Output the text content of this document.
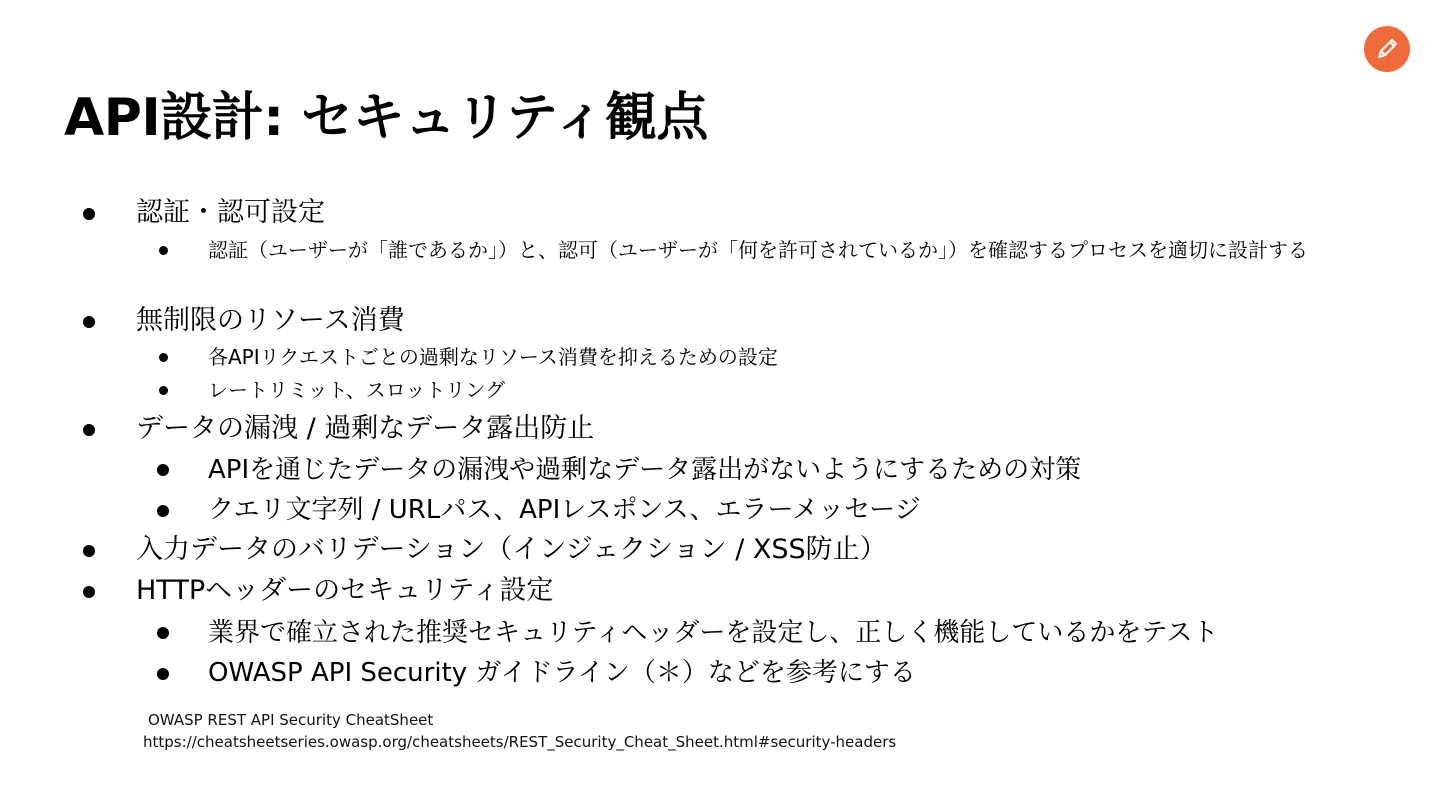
API設計: セキュリティ観点
認証・認可設定
認証（ユーザーが「誰であるか」）と、認可（ユーザーが「何を許可されているか」）を確認するプロセスを適切に設計する
無制限のリソース消費
各APIリクエストごとの過剰なリソース消費を抑えるための設定
レートリミット、スロットリング
データの漏洩 / 過剰なデータ露出防止
APIを通じたデータの漏洩や過剰なデータ露出がないようにするための対策
クエリ文字列 / URLパス、APIレスポンス、エラーメッセージ
入力データのバリデーション（インジェクション / XSS防止）
HTTPヘッダーのセキュリティ設定
業界で確立された推奨セキュリティヘッダーを設定し、正しく機能しているかをテスト
OWASP API Security ガイドライン（＊）などを参考にする
OWASP REST API Security CheatSheet
https://cheatsheetseries.owasp.org/cheatsheets/REST_Security_Cheat_Sheet.html#security-headers
